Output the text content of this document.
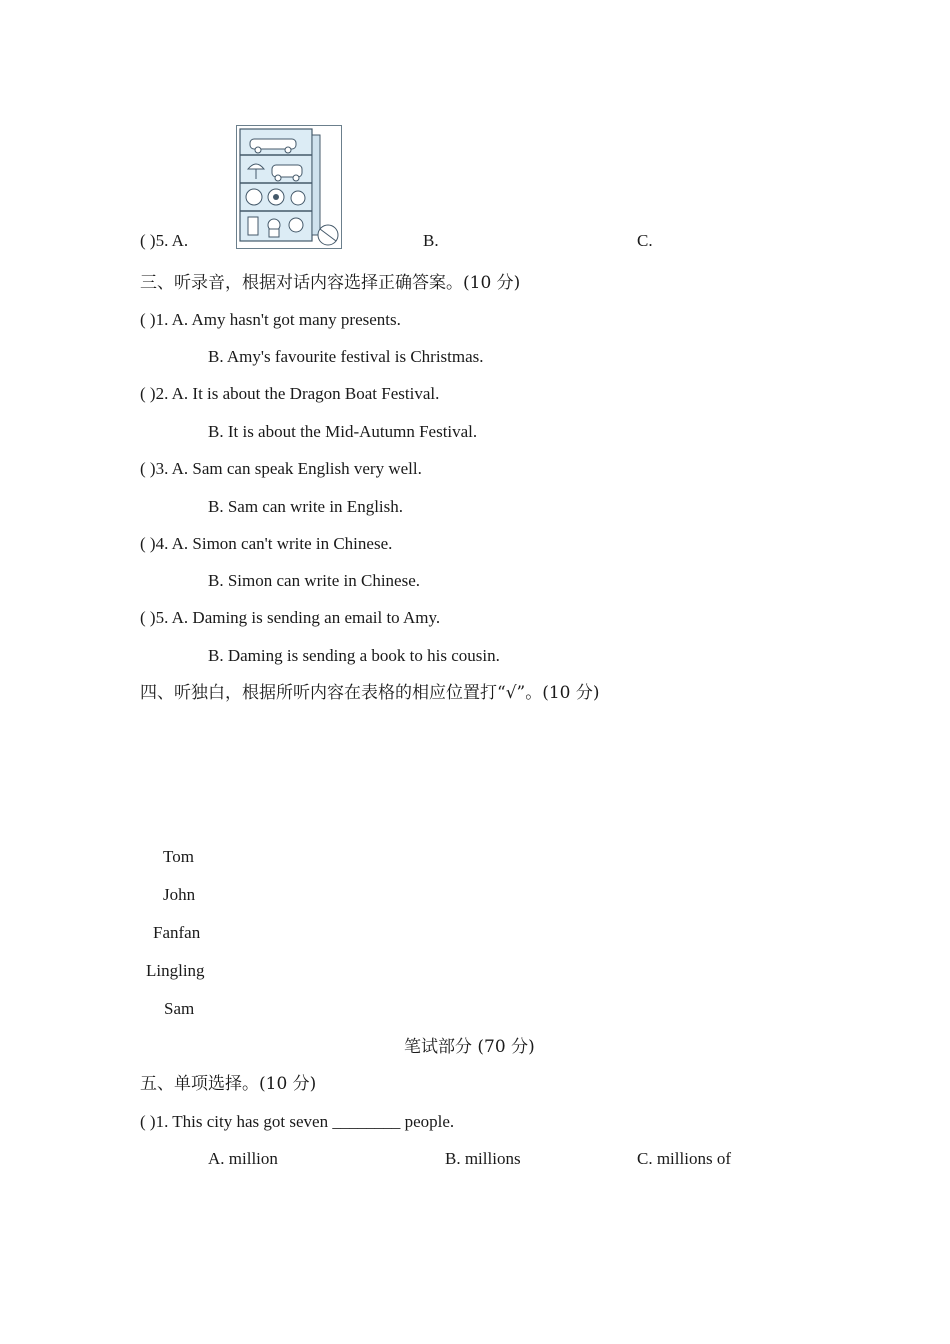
( )5. A.	B.	C.
三、听录音，根据对话内容选择正确答案。(10 分)
( )1. A. Amy hasn't got many presents.
B. Amy's favourite festival is Christmas.
( )2. A. It is about the Dragon Boat Festival.
B. It is about the Mid-Autumn Festival.
( )3. A. Sam can speak English very well.
B. Sam can write in English.
( )4. A. Simon can't write in Chinese.
B. Simon can write in Chinese.
( )5. A. Daming is sending an email to Amy.
B. Daming is sending a book to his cousin.
四、听独白，根据所听内容在表格的相应位置打“√”。(10 分)
Tom
John
Fanfan
Lingling
Sam
笔试部分 (70 分)
五、单项选择。(10 分)
( )1. This city has got seven ________ people.
A. million	B. millions	C. millions of
